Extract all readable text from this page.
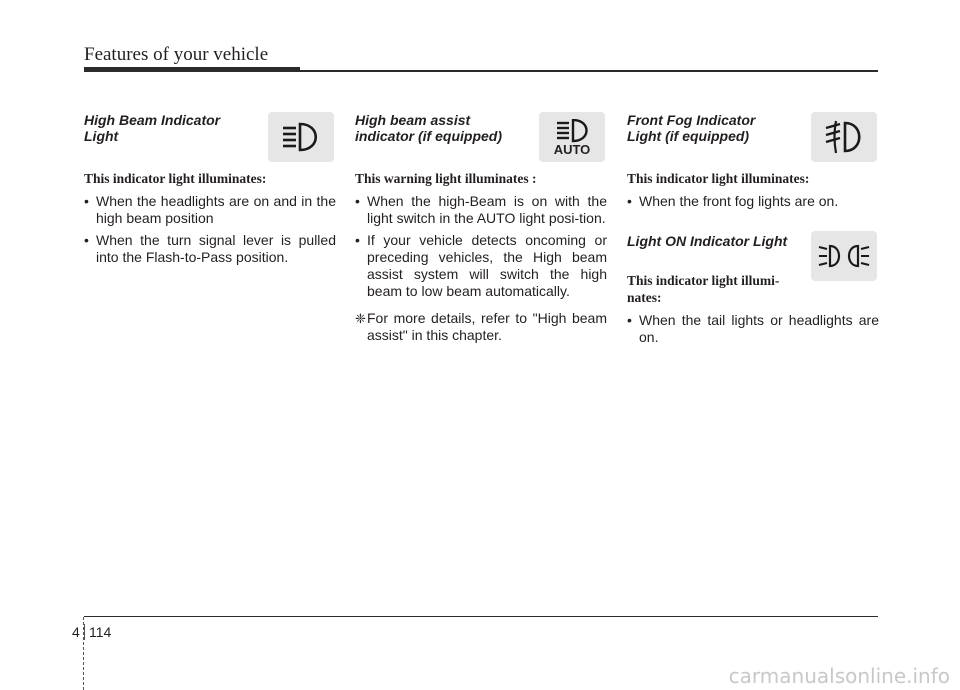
Features of your vehicle

High Beam Indicator
Light

This indicator light illuminates:

• When the headlights are on and in the high beam position
• When the turn signal lever is pulled into the Flash-to-Pass position.

High beam assist
indicator (if equipped)

AUTO

This warning light illuminates :

• When the high-Beam is on with the light switch in the AUTO light posi-tion.
• If your vehicle detects oncoming or preceding vehicles, the High beam assist system will switch the high beam to low beam automatically.
❈ For more details, refer to "High beam assist" in this chapter.

Front Fog Indicator
Light (if equipped)

This indicator light illuminates:

• When the front fog lights are on.

Light ON Indicator Light

This indicator light illumi-
nates:

• When the tail lights or headlights are on.
4 114
carmanualsonline.info
